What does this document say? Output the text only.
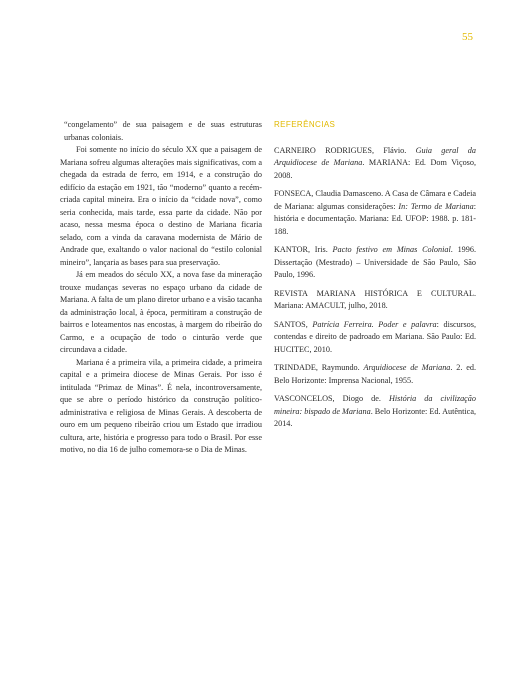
55

“congelamento” de sua paisagem e de suas estruturas urbanas coloniais.

Foi somente no início do século XX que a paisagem de Mariana sofreu algumas alterações mais significativas, com a chegada da estrada de ferro, em 1914, e a construção do edifício da estação em 1921, tão “moderno” quanto a recém-criada capital mineira. Era o início da “cidade nova”, como seria conhecida, mais tarde, essa parte da cidade. Não por acaso, nessa mesma época o destino de Mariana ficaria selado, com a vinda da caravana modernista de Mário de Andrade que, exaltando o valor nacional do “estilo colonial mineiro”, lançaria as bases para sua preservação.

Já em meados do século XX, a nova fase da mineração trouxe mudanças severas no espaço urbano da cidade de Mariana. A falta de um plano diretor urbano e a visão tacanha da administração local, à época, permitiram a construção de bairros e loteamentos nas encostas, à margem do ribeirão do Carmo, e a ocupação de todo o cinturão verde que circundava a cidade.

Mariana é a primeira vila, a primeira cidade, a primeira capital e a primeira diocese de Minas Gerais. Por isso é intitulada “Primaz de Minas”. É nela, incontroversamente, que se abre o período histórico da construção político-administrativa e religiosa de Minas Gerais. A descoberta de ouro em um pequeno ribeirão criou um Estado que irradiou cultura, arte, história e progresso para todo o Brasil. Por esse motivo, no dia 16 de julho comemora-se o Dia de Minas.

REFERÊNCIAS
CARNEIRO RODRIGUES, Flávio. Guia geral da Arquidiocese de Mariana. MARIANA: Ed. Dom Viçoso, 2008.
FONSECA, Claudia Damasceno. A Casa de Câmara e Cadeia de Mariana: algumas considerações: In: Termo de Mariana: história e documentação. Mariana: Ed. UFOP: 1988. p. 181-188.
KANTOR, Iris. Pacto festivo em Minas Colonial. 1996. Dissertação (Mestrado) – Universidade de São Paulo, São Paulo, 1996.
REVISTA MARIANA HISTÓRICA E CULTURAL. Mariana: AMACULT, julho, 2018.
SANTOS, Patrícia Ferreira. Poder e palavra: discursos, contendas e direito de padroado em Mariana. São Paulo: Ed. HUCITEC, 2010.
TRINDADE, Raymundo. Arquidiocese de Mariana. 2. ed. Belo Horizonte: Imprensa Nacional, 1955.
VASCONCELOS, Diogo de. História da civilização mineira: bispado de Mariana. Belo Horizonte: Ed. Autêntica, 2014.
